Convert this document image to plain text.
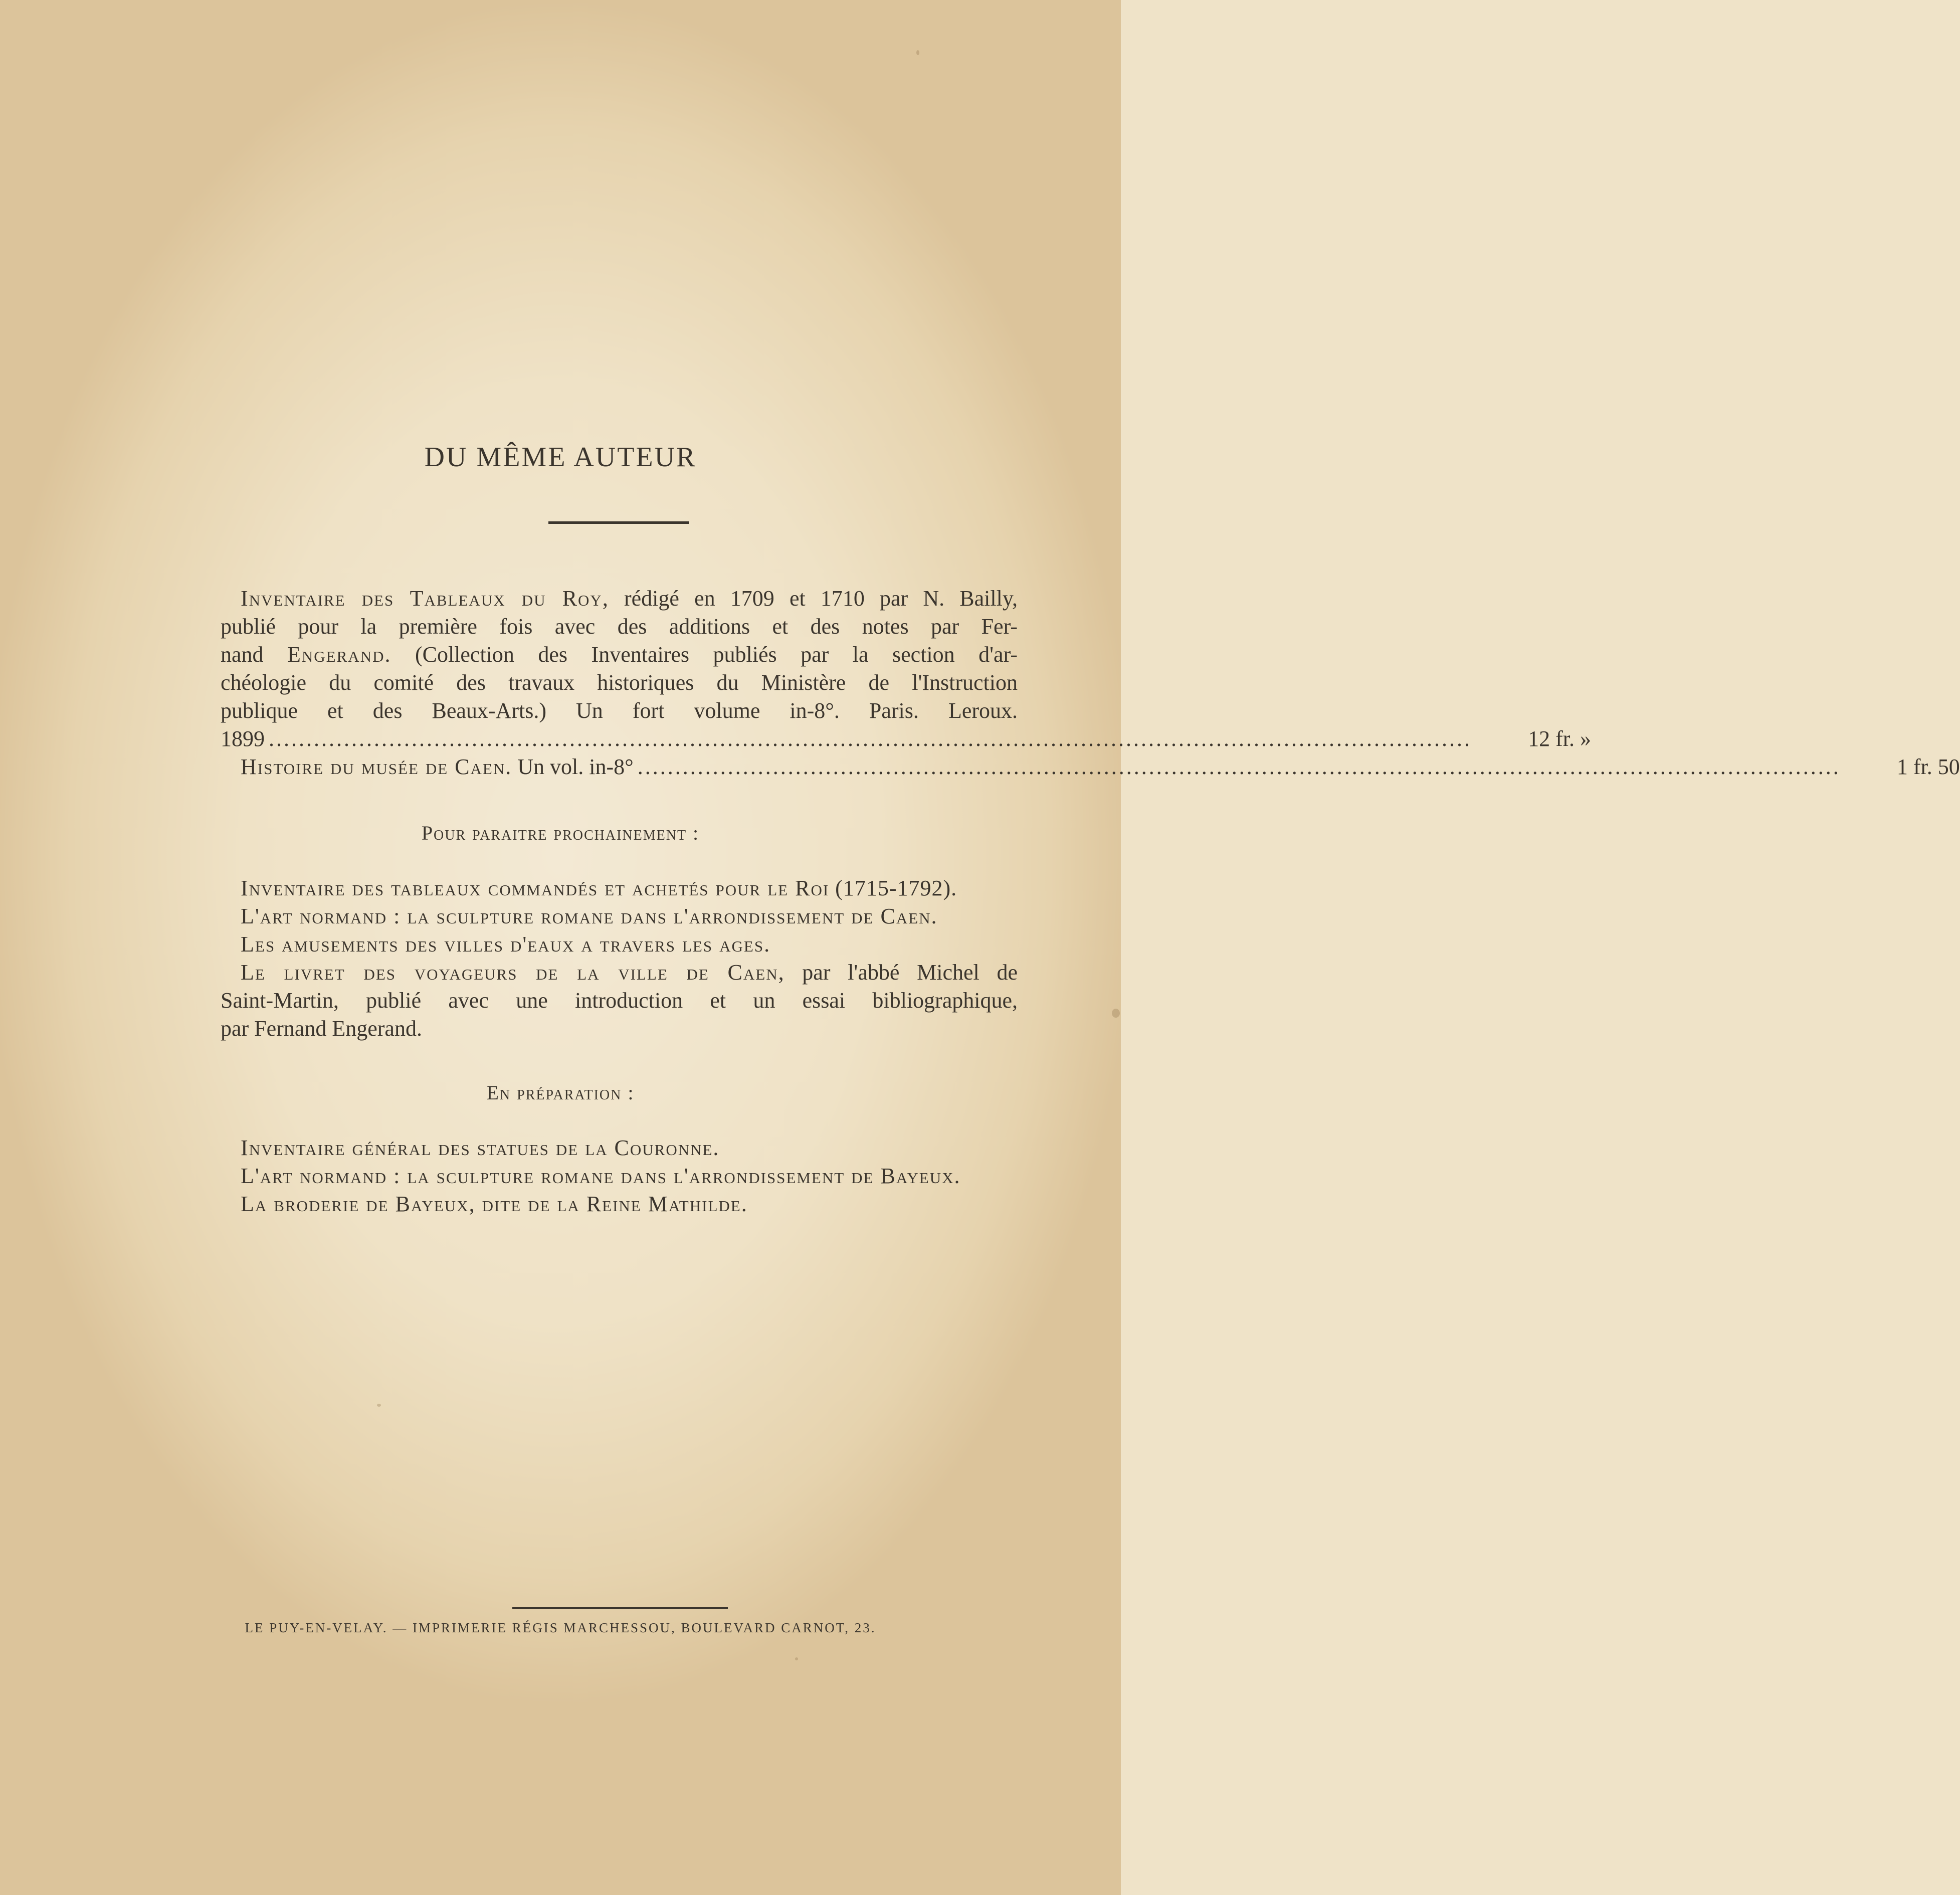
DU MÊME AUTEUR
Inventaire des Tableaux du Roy, rédigé en 1709 et 1710 par N. Bailly,
publié pour la première fois avec des additions et des notes par Fer-
nand Engerand. (Collection des Inventaires publiés par la section d'ar-
chéologie du comité des travaux historiques du Ministère de l'Instruction
publique et des Beaux-Arts.) Un fort volume in-8°. Paris. Leroux.
1899 ................................................................................................................................................................	12 fr. »
Histoire du musée de Caen. Un vol. in-8° ................................................................................................................................................................	1 fr. 50
Pour paraitre prochainement :
Inventaire des tableaux commandés et achetés pour le Roi (1715-1792).
L'art normand : la sculpture romane dans l'arrondissement de Caen.
Les amusements des villes d'eaux a travers les ages.
Le livret des voyageurs de la ville de Caen, par l'abbé Michel de
Saint-Martin, publié avec une introduction et un essai bibliographique,
par Fernand Engerand.
En préparation :
Inventaire général des statues de la Couronne.
L'art normand : la sculpture romane dans l'arrondissement de Bayeux.
La broderie de Bayeux, dite de la Reine Mathilde.
LE PUY-EN-VELAY. — IMPRIMERIE RÉGIS MARCHESSOU, BOULEVARD CARNOT, 23.
